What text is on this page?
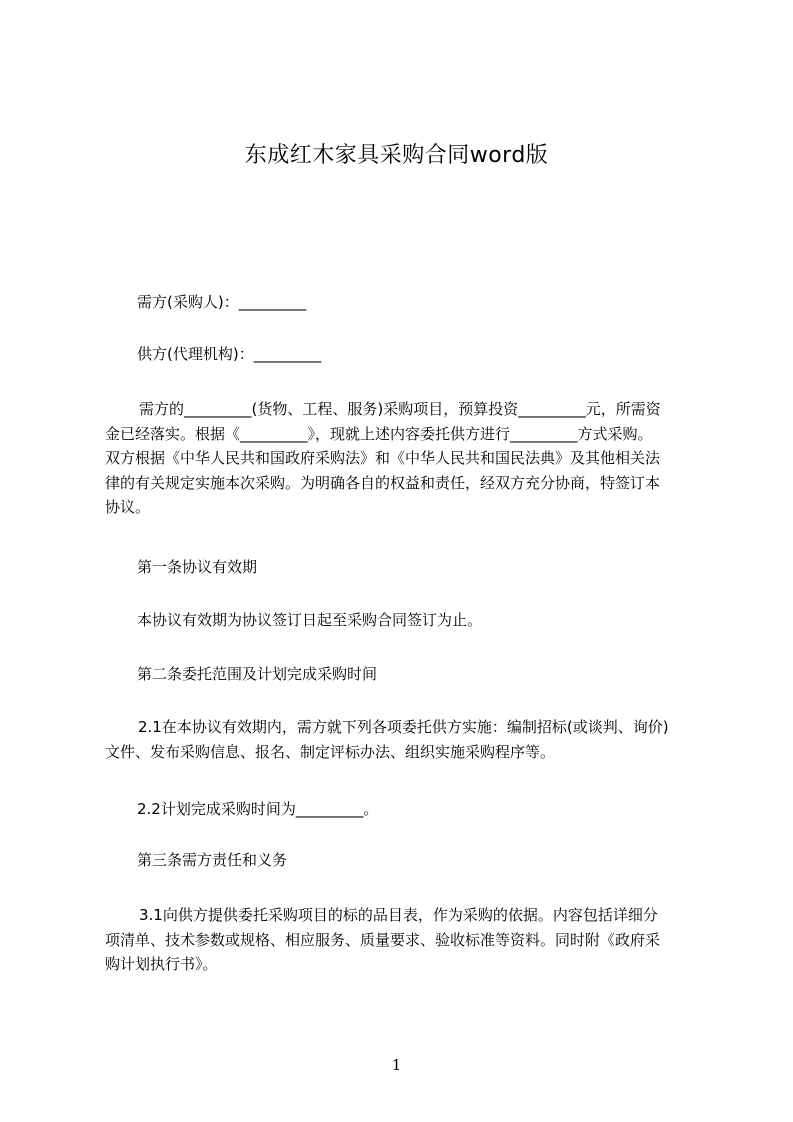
东成红木家具采购合同word版
需方(采购人)：_________
供方(代理机构)：_________
需方的_________(货物、工程、服务)采购项目，预算投资_________元，所需资
金已经落实。根据《_________》，现就上述内容委托供方进行_________方式采购。
双方根据《中华人民共和国政府采购法》和《中华人民共和国民法典》及其他相关法
律的有关规定实施本次采购。为明确各自的权益和责任，经双方充分协商，特签订本
协议。
第一条协议有效期
本协议有效期为协议签订日起至采购合同签订为止。
第二条委托范围及计划完成采购时间
2.1在本协议有效期内，需方就下列各项委托供方实施：编制招标(或谈判、询价)
文件、发布采购信息、报名、制定评标办法、组织实施采购程序等。
2.2计划完成采购时间为_________。
第三条需方责任和义务
3.1向供方提供委托采购项目的标的品目表，作为采购的依据。内容包括详细分
项清单、技术参数或规格、相应服务、质量要求、验收标准等资料。同时附《政府采
购计划执行书》。
1
